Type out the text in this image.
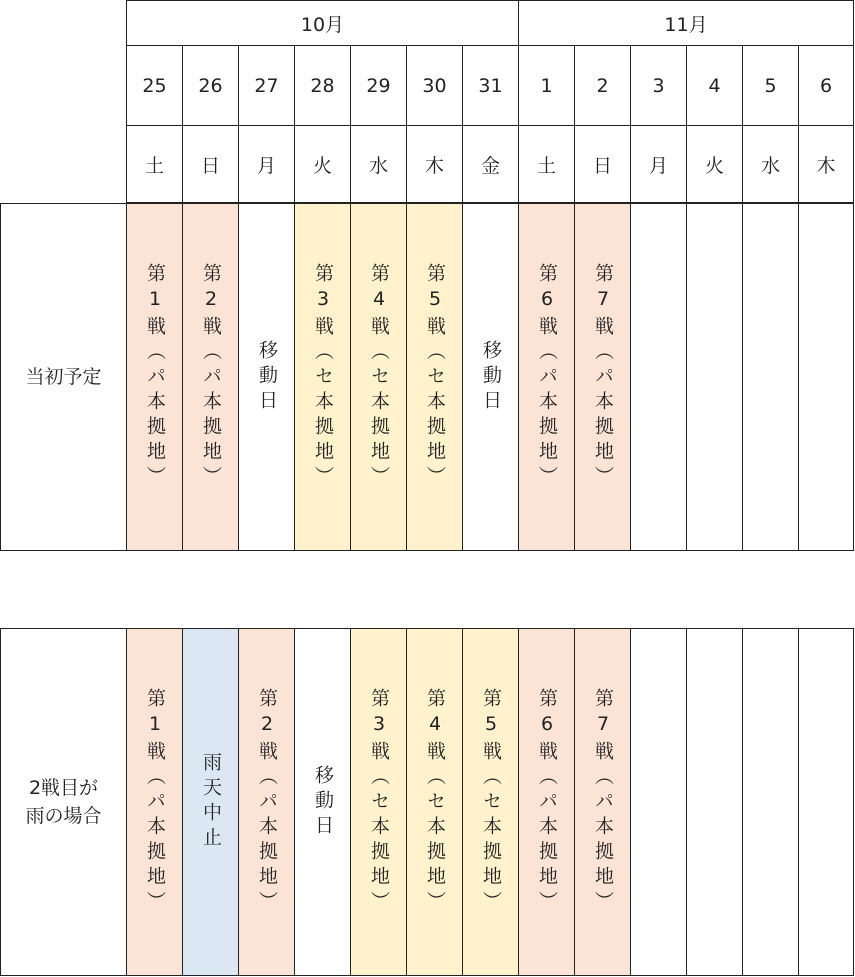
10月	11月
25
土
26
日
27
月
28
火
29
水
30
木
31
金
1
土
2
日
3
月
4
火
5
水
6
木
当初予定 第1戦（パ本拠地） 第2戦（パ本拠地） 移動日 第3戦（セ本拠地） 第4戦（セ本拠地） 第5戦（セ本拠地） 移動日 第6戦（パ本拠地） 第7戦（パ本拠地）
2戦目が
雨の場合 第1戦（パ本拠地） 雨天中止 第2戦（パ本拠地） 移動日 第3戦（セ本拠地） 第4戦（セ本拠地） 第5戦（セ本拠地） 第6戦（パ本拠地） 第7戦（パ本拠地）
